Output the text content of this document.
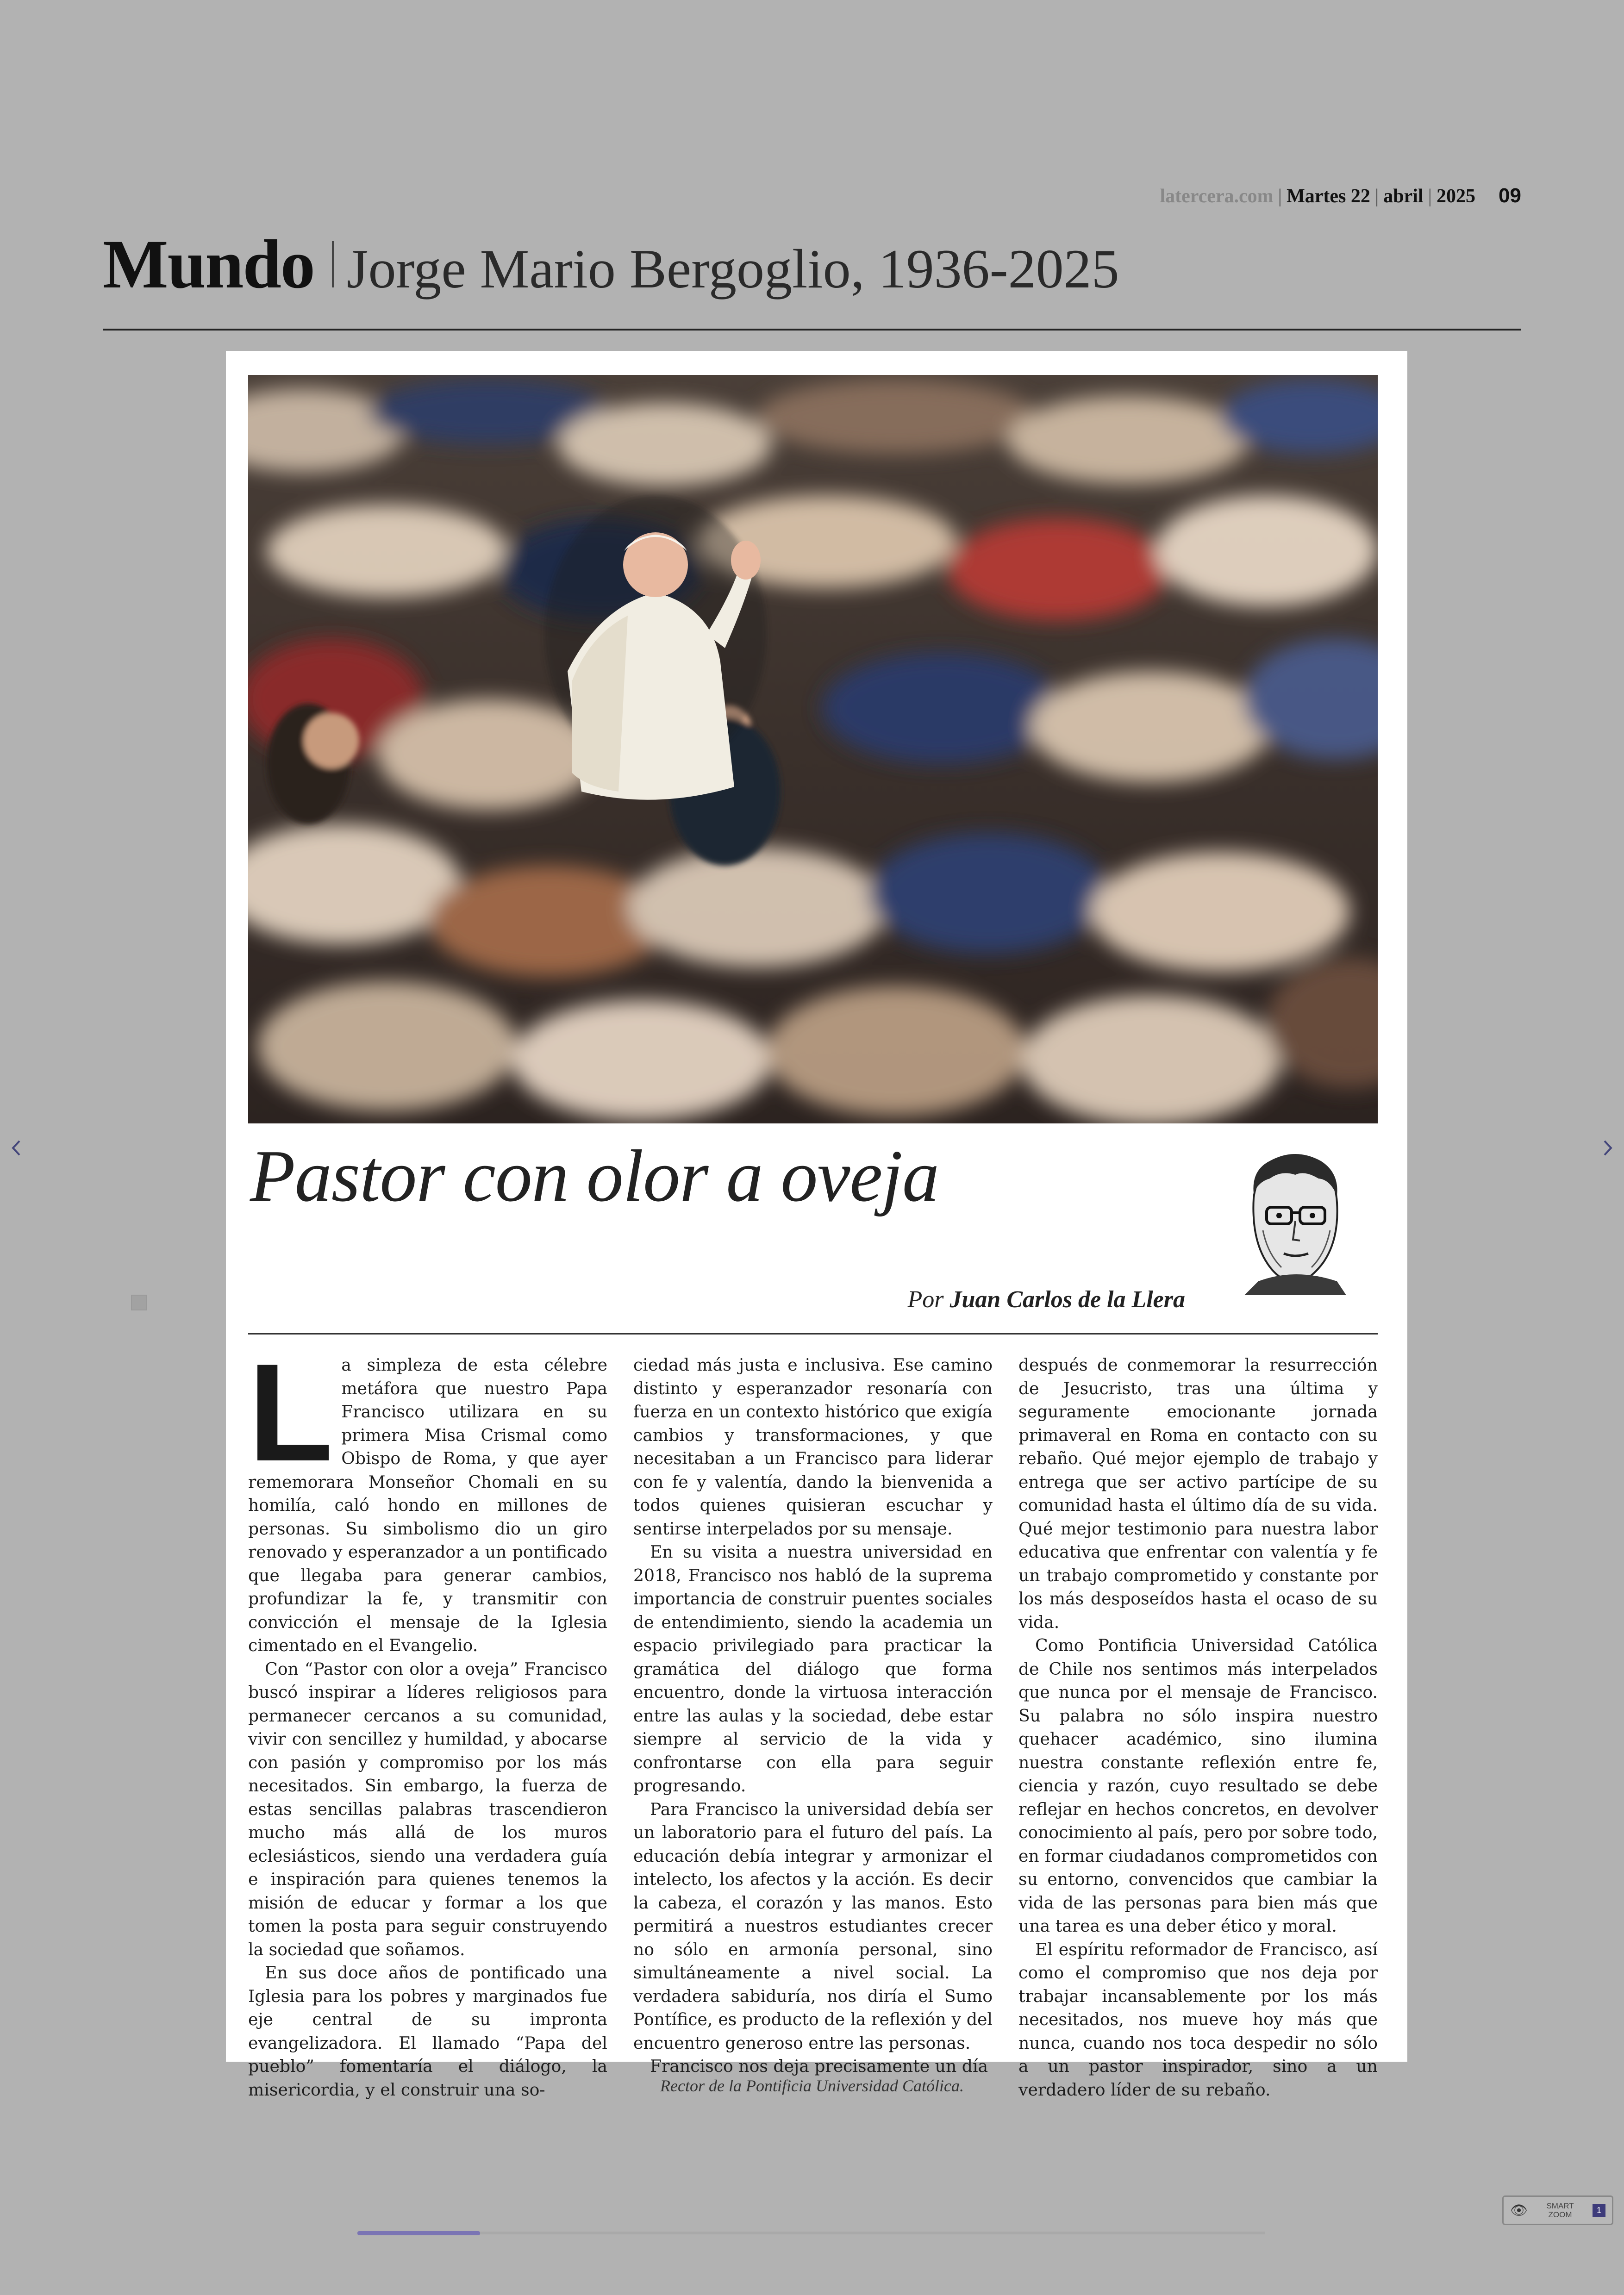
latercera.com | Martes 22 | abril | 2025 09
Mundo Jorge Mario Bergoglio, 1936-2025
Pastor con olor a oveja
Por Juan Carlos de la Llera

La simpleza de esta célebre metáfora que nuestro Papa Francisco utilizara en su primera Misa Crismal como Obispo de Roma, y que ayer rememorara Monseñor Chomali en su homilía, caló hondo en millones de personas. Su simbolismo dio un giro renovado y esperanzador a un pontificado que llegaba para generar cambios, profundizar la fe, y transmitir con convicción el mensaje de la Iglesia cimentado en el Evangelio.

Con “Pastor con olor a oveja” Francisco buscó inspirar a líderes religiosos para permanecer cercanos a su comunidad, vivir con sencillez y humildad, y abocarse con pasión y compromiso por los más necesitados. Sin embargo, la fuerza de estas sencillas palabras trascendieron mucho más allá de los muros eclesiásticos, siendo una verdadera guía e inspiración para quienes tenemos la misión de educar y formar a los que tomen la posta para seguir construyendo la sociedad que soñamos.

En sus doce años de pontificado una Iglesia para los pobres y marginados fue eje central de su impronta evangelizadora. El llamado “Papa del pueblo” fomentaría el diálogo, la misericordia, y el construir una so-

ciedad más justa e inclusiva. Ese camino distinto y esperanzador resonaría con fuerza en un contexto histórico que exigía cambios y transformaciones, y que necesitaban a un Francisco para liderar con fe y valentía, dando la bienvenida a todos quienes quisieran escuchar y sentirse interpelados por su mensaje.

En su visita a nuestra universidad en 2018, Francisco nos habló de la suprema importancia de construir puentes sociales de entendimiento, siendo la academia un espacio privilegiado para practicar la gramática del diálogo que forma encuentro, donde la virtuosa interacción entre las aulas y la sociedad, debe estar siempre al servicio de la vida y confrontarse con ella para seguir progresando.

Para Francisco la universidad debía ser un laboratorio para el futuro del país. La educación debía integrar y armonizar el intelecto, los afectos y la acción. Es decir la cabeza, el corazón y las manos. Esto permitirá a nuestros estudiantes crecer no sólo en armonía personal, sino simultáneamente a nivel social. La verdadera sabiduría, nos diría el Sumo Pontífice, es producto de la reflexión y del encuentro generoso entre las personas.

Francisco nos deja precisamente un día

después de conmemorar la resurrección de Jesucristo, tras una última y seguramente emocionante jornada primaveral en Roma en contacto con su rebaño. Qué mejor ejemplo de trabajo y entrega que ser activo partícipe de su comunidad hasta el último día de su vida. Qué mejor testimonio para nuestra labor educativa que enfrentar con valentía y fe un trabajo comprometido y constante por los más desposeídos hasta el ocaso de su vida.

Como Pontificia Universidad Católica de Chile nos sentimos más interpelados que nunca por el mensaje de Francisco. Su palabra no sólo inspira nuestro quehacer académico, sino ilumina nuestra constante reflexión entre fe, ciencia y razón, cuyo resultado se debe reflejar en hechos concretos, en devolver conocimiento al país, pero por sobre todo, en formar ciudadanos comprometidos con su entorno, convencidos que cambiar la vida de las personas para bien más que una tarea es una deber ético y moral.

El espíritu reformador de Francisco, así como el compromiso que nos deja por trabajar incansablemente por los más necesitados, nos mueve hoy más que nunca, cuando nos toca despedir no sólo a un pastor inspirador, sino a un verdadero líder de su rebaño.

Rector de la Pontificia Universidad Católica.
👁	SMART ZOOM	1
